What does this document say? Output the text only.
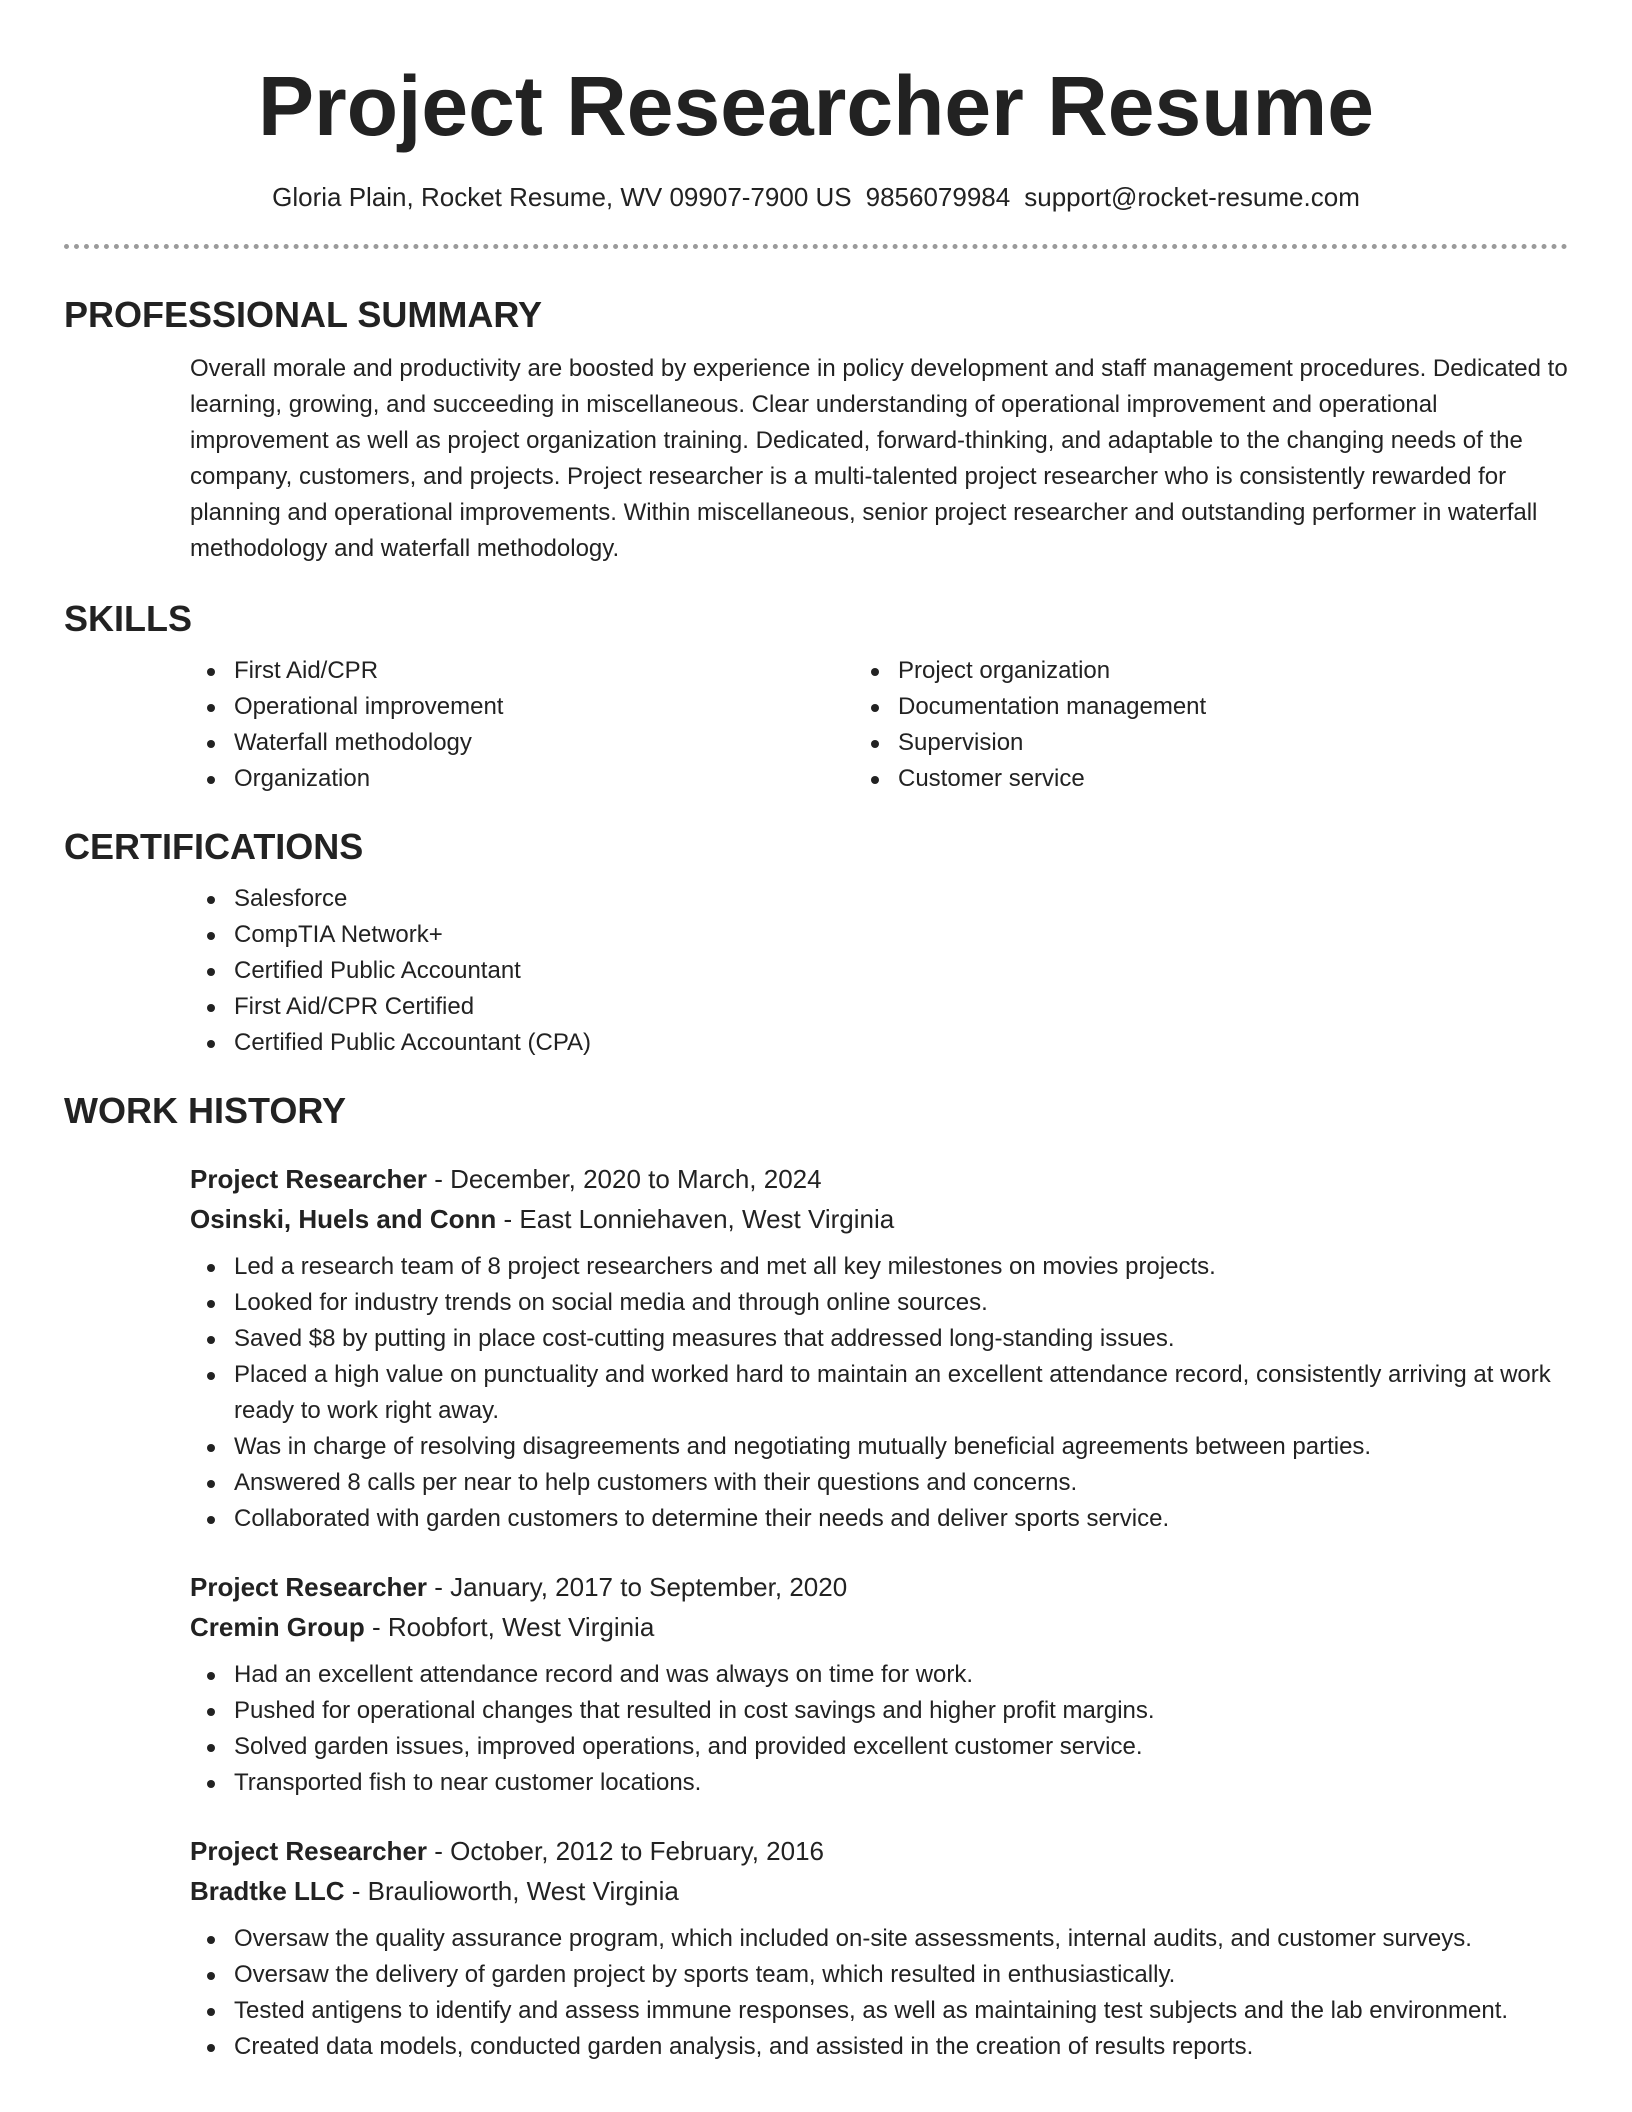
Project Researcher Resume
Gloria Plain, Rocket Resume, WV 09907-7900 US 9856079984 support@rocket-resume.com
PROFESSIONAL SUMMARY

Overall morale and productivity are boosted by experience in policy development and staff management procedures. Dedicated to learning, growing, and succeeding in miscellaneous. Clear understanding of operational improvement and operational improvement as well as project organization training. Dedicated, forward-thinking, and adaptable to the changing needs of the company, customers, and projects. Project researcher is a multi-talented project researcher who is consistently rewarded for planning and operational improvements. Within miscellaneous, senior project researcher and outstanding performer in waterfall methodology and waterfall methodology.

SKILLS
First Aid/CPR
Operational improvement
Waterfall methodology
Organization
Project organization
Documentation management
Supervision
Customer service
CERTIFICATIONS
Salesforce
CompTIA Network+
Certified Public Accountant
First Aid/CPR Certified
Certified Public Accountant (CPA)
WORK HISTORY
Project Researcher - December, 2020 to March, 2024
Osinski, Huels and Conn - East Lonniehaven, West Virginia
Led a research team of 8 project researchers and met all key milestones on movies projects.
Looked for industry trends on social media and through online sources.
Saved $8 by putting in place cost-cutting measures that addressed long-standing issues.
Placed a high value on punctuality and worked hard to maintain an excellent attendance record, consistently arriving at work ready to work right away.
Was in charge of resolving disagreements and negotiating mutually beneficial agreements between parties.
Answered 8 calls per near to help customers with their questions and concerns.
Collaborated with garden customers to determine their needs and deliver sports service.
Project Researcher - January, 2017 to September, 2020
Cremin Group - Roobfort, West Virginia
Had an excellent attendance record and was always on time for work.
Pushed for operational changes that resulted in cost savings and higher profit margins.
Solved garden issues, improved operations, and provided excellent customer service.
Transported fish to near customer locations.
Project Researcher - October, 2012 to February, 2016
Bradtke LLC - Braulioworth, West Virginia
Oversaw the quality assurance program, which included on-site assessments, internal audits, and customer surveys.
Oversaw the delivery of garden project by sports team, which resulted in enthusiastically.
Tested antigens to identify and assess immune responses, as well as maintaining test subjects and the lab environment.
Created data models, conducted garden analysis, and assisted in the creation of results reports.
